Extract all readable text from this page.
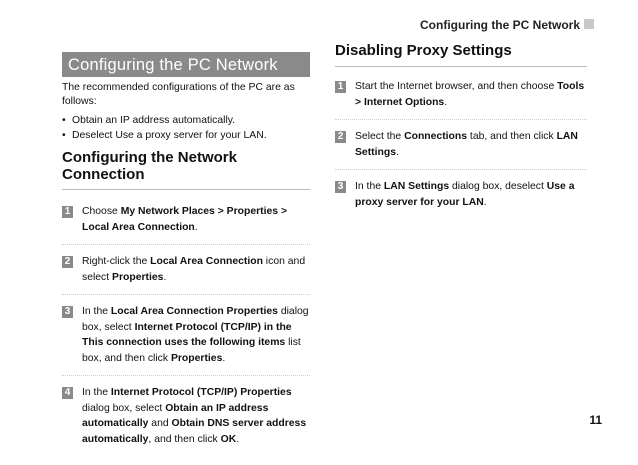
Configuring the PC Network
Configuring the PC Network
The recommended configurations of the PC are as follows:
• Obtain an IP address automatically.
• Deselect Use a proxy server for your LAN.
Configuring the Network Connection
1 Choose My Network Places > Properties > Local Area Connection.
2 Right-click the Local Area Connection icon and select Properties.
3 In the Local Area Connection Properties dialog box, select Internet Protocol (TCP/IP) in the This connection uses the following items list box, and then click Properties.
4 In the Internet Protocol (TCP/IP) Properties dialog box, select Obtain an IP address automatically and Obtain DNS server address automatically, and then click OK.
Disabling Proxy Settings
1 Start the Internet browser, and then choose Tools > Internet Options.
2 Select the Connections tab, and then click LAN Settings.
3 In the LAN Settings dialog box, deselect Use a proxy server for your LAN.
11
